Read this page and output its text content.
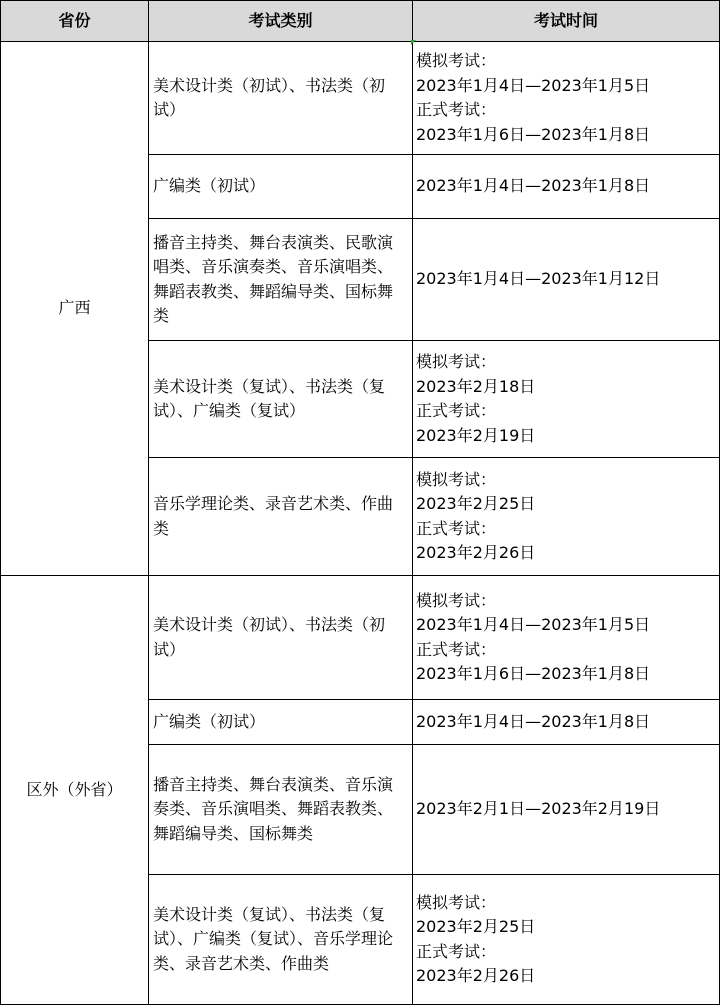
省份	考试类别	考试时间
广西	美术设计类（初试）、书法类（初试）	模拟考试：
2023年1月4日—2023年1月5日
正式考试：
2023年1月6日—2023年1月8日

	广编类（初试）	2023年1月4日—2023年1月8日

	播音主持类、舞台表演类、民歌演唱类、音乐演奏类、音乐演唱类、舞蹈表教类、舞蹈编导类、国标舞类	2023年1月4日—2023年1月12日

	美术设计类（复试）、书法类（复试）、广编类（复试）	模拟考试：
2023年2月18日
正式考试：
2023年2月19日

	音乐学理论类、录音艺术类、作曲类	模拟考试：
2023年2月25日
正式考试：
2023年2月26日

区外（外省）	美术设计类（初试）、书法类（初试）	模拟考试：
2023年1月4日—2023年1月5日
正式考试：
2023年1月6日—2023年1月8日

	广编类（初试）	2023年1月4日—2023年1月8日

	播音主持类、舞台表演类、音乐演奏类、音乐演唱类、舞蹈表教类、舞蹈编导类、国标舞类	2023年2月1日—2023年2月19日

	美术设计类（复试）、书法类（复试）、广编类（复试）、音乐学理论类、录音艺术类、作曲类	模拟考试：
2023年2月25日
正式考试：
2023年2月26日
